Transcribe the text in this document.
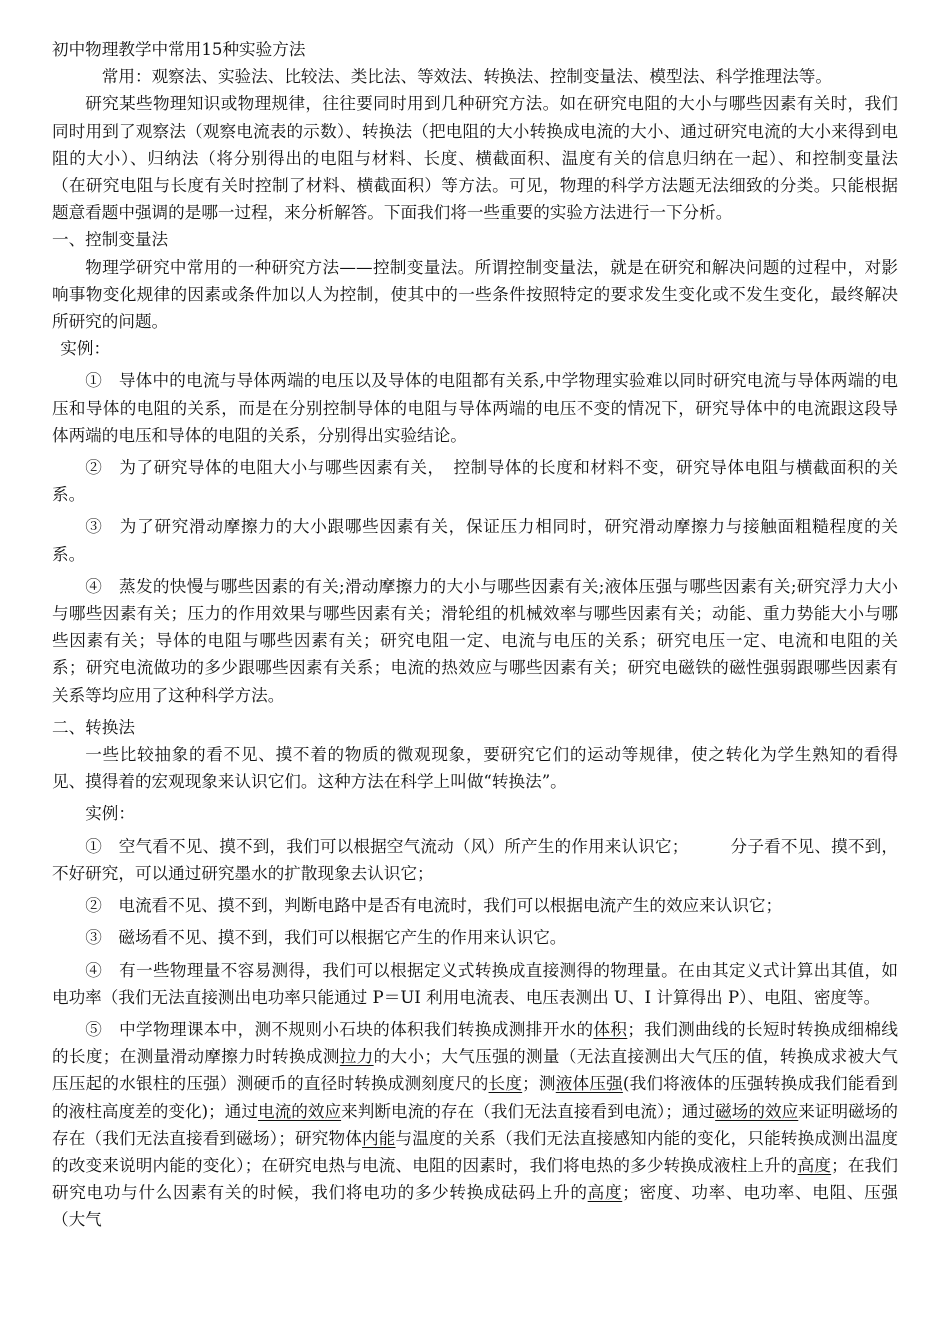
初中物理教学中常用15种实验方法

常用：观察法、实验法、比较法、类比法、等效法、转换法、控制变量法、模型法、科学推理法等。

研究某些物理知识或物理规律，往往要同时用到几种研究方法。如在研究电阻的大小与哪些因素有关时，我们同时用到了观察法（观察电流表的示数）、转换法（把电阻的大小转换成电流的大小、通过研究电流的大小来得到电阻的大小）、归纳法（将分别得出的电阻与材料、长度、横截面积、温度有关的信息归纳在一起）、和控制变量法（在研究电阻与长度有关时控制了材料、横截面积）等方法。可见，物理的科学方法题无法细致的分类。只能根据题意看题中强调的是哪一过程，来分析解答。下面我们将一些重要的实验方法进行一下分析。

一、控制变量法

物理学研究中常用的一种研究方法——控制变量法。所谓控制变量法，就是在研究和解决问题的过程中，对影响事物变化规律的因素或条件加以人为控制，使其中的一些条件按照特定的要求发生变化或不发生变化，最终解决所研究的问题。

实例：

①　导体中的电流与导体两端的电压以及导体的电阻都有关系,中学物理实验难以同时研究电流与导体两端的电压和导体的电阻的关系，而是在分别控制导体的电阻与导体两端的电压不变的情况下，研究导体中的电流跟这段导体两端的电压和导体的电阻的关系，分别得出实验结论。

②　为了研究导体的电阻大小与哪些因素有关，　控制导体的长度和材料不变，研究导体电阻与横截面积的关系。

③　为了研究滑动摩擦力的大小跟哪些因素有关，保证压力相同时，研究滑动摩擦力与接触面粗糙程度的关系。

④　蒸发的快慢与哪些因素的有关;滑动摩擦力的大小与哪些因素有关;液体压强与哪些因素有关;研究浮力大小与哪些因素有关；压力的作用效果与哪些因素有关；滑轮组的机械效率与哪些因素有关；动能、重力势能大小与哪些因素有关；导体的电阻与哪些因素有关；研究电阻一定、电流与电压的关系；研究电压一定、电流和电阻的关系；研究电流做功的多少跟哪些因素有关系；电流的热效应与哪些因素有关；研究电磁铁的磁性强弱跟哪些因素有关系等均应用了这种科学方法。

二、转换法

一些比较抽象的看不见、摸不着的物质的微观现象，要研究它们的运动等规律，使之转化为学生熟知的看得见、摸得着的宏观现象来认识它们。这种方法在科学上叫做“转换法”。

实例：

①　空气看不见、摸不到，我们可以根据空气流动（风）所产生的作用来认识它；　　　分子看不见、摸不到，不好研究，可以通过研究墨水的扩散现象去认识它；

②　电流看不见、摸不到，判断电路中是否有电流时，我们可以根据电流产生的效应来认识它；

③　磁场看不见、摸不到，我们可以根据它产生的作用来认识它。

④　有一些物理量不容易测得，我们可以根据定义式转换成直接测得的物理量。在由其定义式计算出其值，如电功率（我们无法直接测出电功率只能通过 P＝UI 利用电流表、电压表测出 U、I 计算得出 P）、电阻、密度等。

⑤　中学物理课本中，测不规则小石块的体积我们转换成测排开水的体积；我们测曲线的长短时转换成细棉线的长度；在测量滑动摩擦力时转换成测拉力的大小；大气压强的测量（无法直接测出大气压的值，转换成求被大气压压起的水银柱的压强）测硬币的直径时转换成测刻度尺的长度；测液体压强(我们将液体的压强转换成我们能看到的液柱高度差的变化)；通过电流的效应来判断电流的存在（我们无法直接看到电流）；通过磁场的效应来证明磁场的存在（我们无法直接看到磁场）；研究物体内能与温度的关系（我们无法直接感知内能的变化，只能转换成测出温度的改变来说明内能的变化）；在研究电热与电流、电阻的因素时，我们将电热的多少转换成液柱上升的高度；在我们研究电功与什么因素有关的时候，我们将电功的多少转换成砝码上升的高度；密度、功率、电功率、电阻、压强（大气
